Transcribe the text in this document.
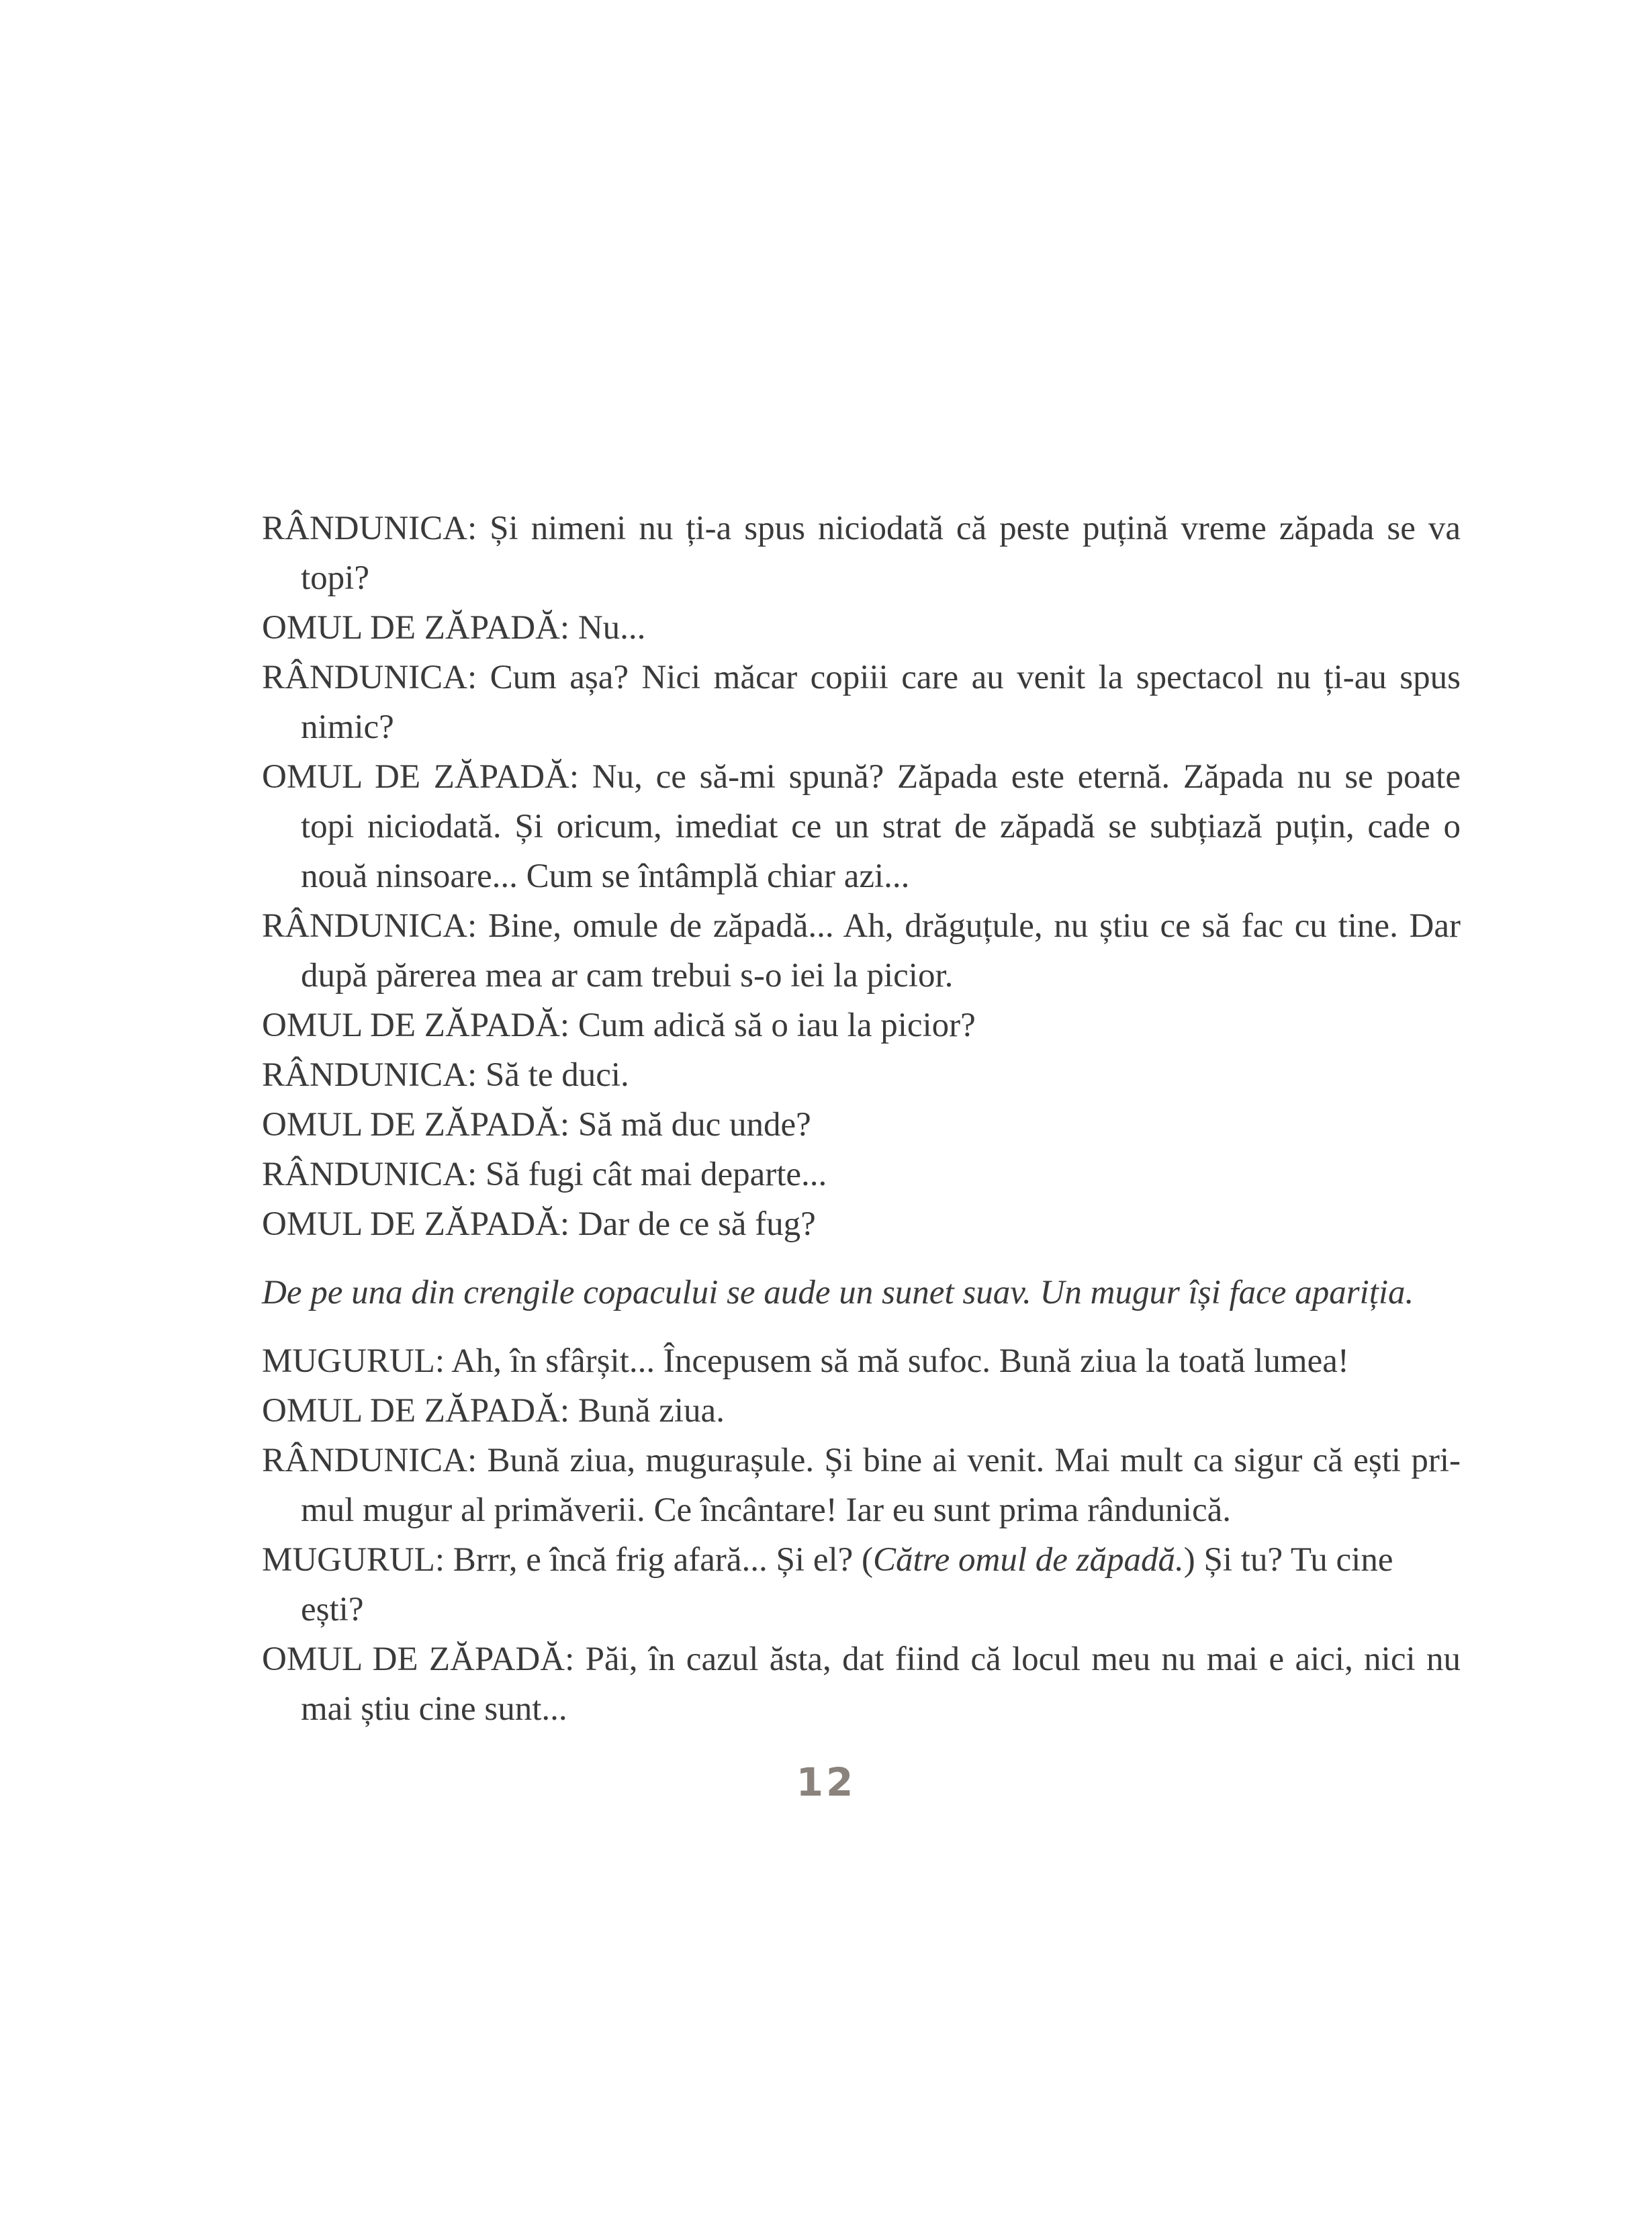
RÂNDUNICA: Și nimeni nu ți-a spus niciodată că peste puțină vreme zăpada se va topi?

OMUL DE ZĂPADĂ: Nu...

RÂNDUNICA: Cum așa? Nici măcar copiii care au venit la spectacol nu ți-au spus nimic?

OMUL DE ZĂPADĂ: Nu, ce să-mi spună? Zăpada este eternă. Zăpada nu se poate topi niciodată. Și oricum, imediat ce un strat de zăpadă se subțiază puțin, cade o nouă ninsoare... Cum se întâmplă chiar azi...

RÂNDUNICA: Bine, omule de zăpadă... Ah, drăguțule, nu știu ce să fac cu tine. Dar după părerea mea ar cam trebui s-o iei la picior.

OMUL DE ZĂPADĂ: Cum adică să o iau la picior?

RÂNDUNICA: Să te duci.

OMUL DE ZĂPADĂ: Să mă duc unde?

RÂNDUNICA: Să fugi cât mai departe...

OMUL DE ZĂPADĂ: Dar de ce să fug?

De pe una din crengile copacului se aude un sunet suav. Un mugur își face apariția.

MUGURUL: Ah, în sfârșit... Începusem să mă sufoc. Bună ziua la toată lumea!

OMUL DE ZĂPADĂ: Bună ziua.

RÂNDUNICA: Bună ziua, mugurașule. Și bine ai venit. Mai mult ca sigur că ești pri-mul mugur al primăverii. Ce încântare! Iar eu sunt prima rândunică.

MUGURUL: Brrr, e încă frig afară... Și el? (Către omul de zăpadă.) Și tu? Tu cine ești?

OMUL DE ZĂPADĂ: Păi, în cazul ăsta, dat fiind că locul meu nu mai e aici, nici nu mai știu cine sunt...

12
